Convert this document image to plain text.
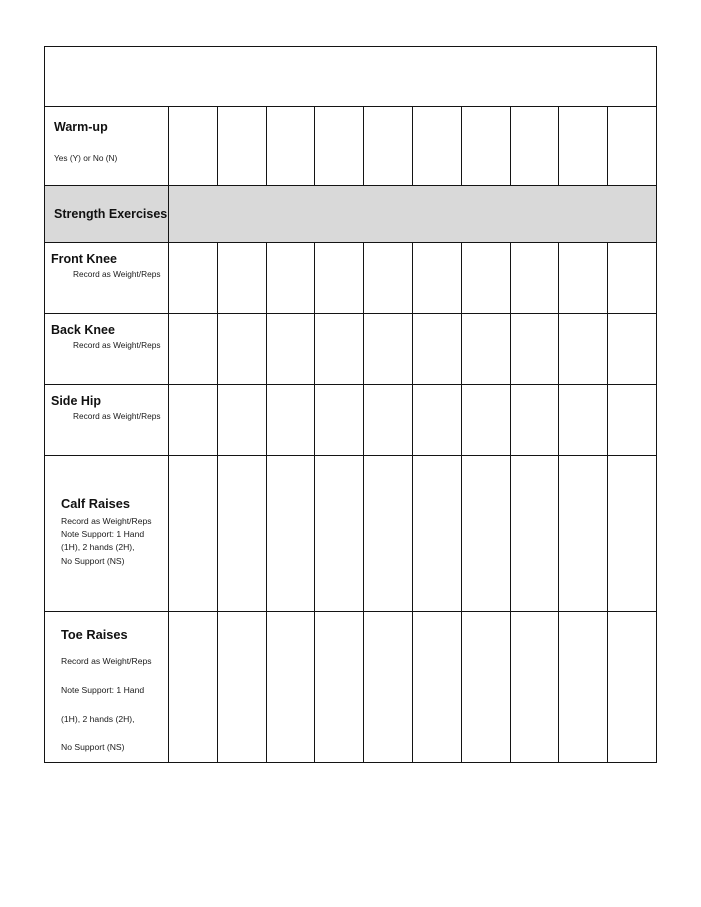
EXERCISE JOURNAL										

Warm-up
Yes (Y) or No (N)										

Strength Exercises										

Front Knee
Record as Weight/Reps										

Back Knee
Record as Weight/Reps										

Side Hip
Record as Weight/Reps										

Calf Raises
Record as Weight/Reps
Note Support: 1 Hand
(1H), 2 hands (2H),
No Support (NS)										

Toe Raises
Record as Weight/Reps
Note Support: 1 Hand
(1H), 2 hands (2H),
No Support (NS)										
